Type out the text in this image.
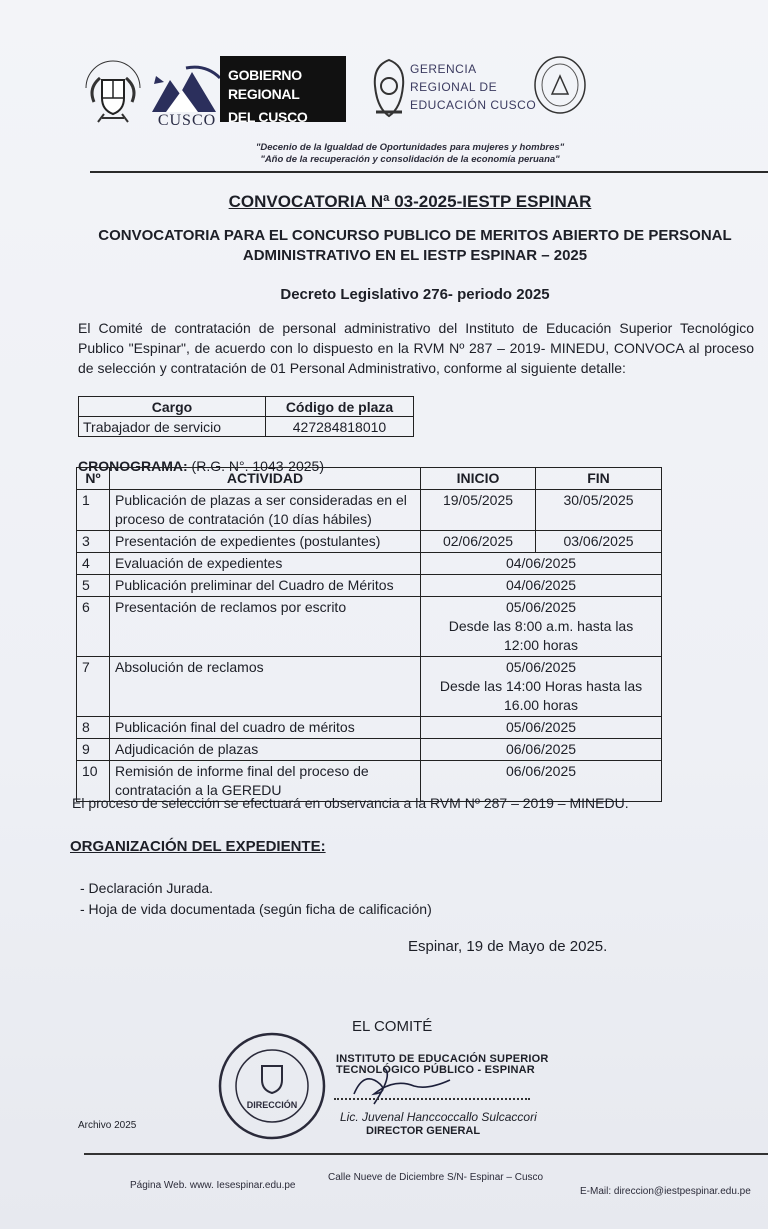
CUSCO
GOBIERNO REGIONAL
DEL CUSCO
GERENCIA
REGIONAL DE
EDUCACIÓN CUSCO
"Decenio de la Igualdad de Oportunidades para mujeres y hombres"
"Año de la recuperación y consolidación de la economía peruana"
CONVOCATORIA Nª 03-2025-IESTP ESPINAR
CONVOCATORIA PARA EL CONCURSO PUBLICO DE MERITOS ABIERTO DE PERSONAL ADMINISTRATIVO EN EL IESTP ESPINAR – 2025
Decreto Legislativo 276- periodo 2025
El Comité de contratación de personal administrativo del Instituto de Educación Superior Tecnológico Publico "Espinar", de acuerdo con lo dispuesto en la RVM Nº 287 – 2019- MINEDU, CONVOCA al proceso de selección y contratación de 01 Personal Administrativo, conforme al siguiente detalle:
Cargo	Código de plaza
Trabajador de servicio	427284818010
CRONOGRAMA: (R.G. N°. 1043-2025)
Nº	ACTIVIDAD	INICIO	FIN
1	Publicación de plazas a ser consideradas en el proceso de contratación (10 días hábiles)	19/05/2025	30/05/2025
3	Presentación de expedientes (postulantes)	02/06/2025	03/06/2025
4	Evaluación de expedientes	04/06/2025	
5	Publicación preliminar del Cuadro de Méritos	04/06/2025	
6	Presentación de reclamos por escrito	05/06/2025
Desde las 8:00 a.m. hasta las
12:00 horas	

7	Absolución de reclamos	05/06/2025
Desde las 14:00 Horas hasta las
16.00 horas	

8	Publicación final del cuadro de méritos	05/06/2025	
9	Adjudicación de plazas	06/06/2025	
10	Remisión de informe final del proceso de contratación a la GEREDU	06/06/2025	
El proceso de selección se efectuará en observancia a la RVM Nº 287 – 2019 – MINEDU.
ORGANIZACIÓN DEL EXPEDIENTE:
- Declaración Jurada.
- Hoja de vida documentada (según ficha de calificación)
Espinar, 19 de Mayo de 2025.
EL COMITÉ
DIRECCIÓN
INSTITUTO DE EDUCACIÓN SUPERIOR
TECNOLÓGICO PÚBLICO - ESPINAR
Lic. Juvenal Hanccoccallo Sulcaccori
DIRECTOR GENERAL
Archivo 2025
Página Web. www. Iesespinar.edu.pe
Calle Nueve de Diciembre S/N- Espinar – Cusco
E-Mail: direccion@iestpespinar.edu.pe
